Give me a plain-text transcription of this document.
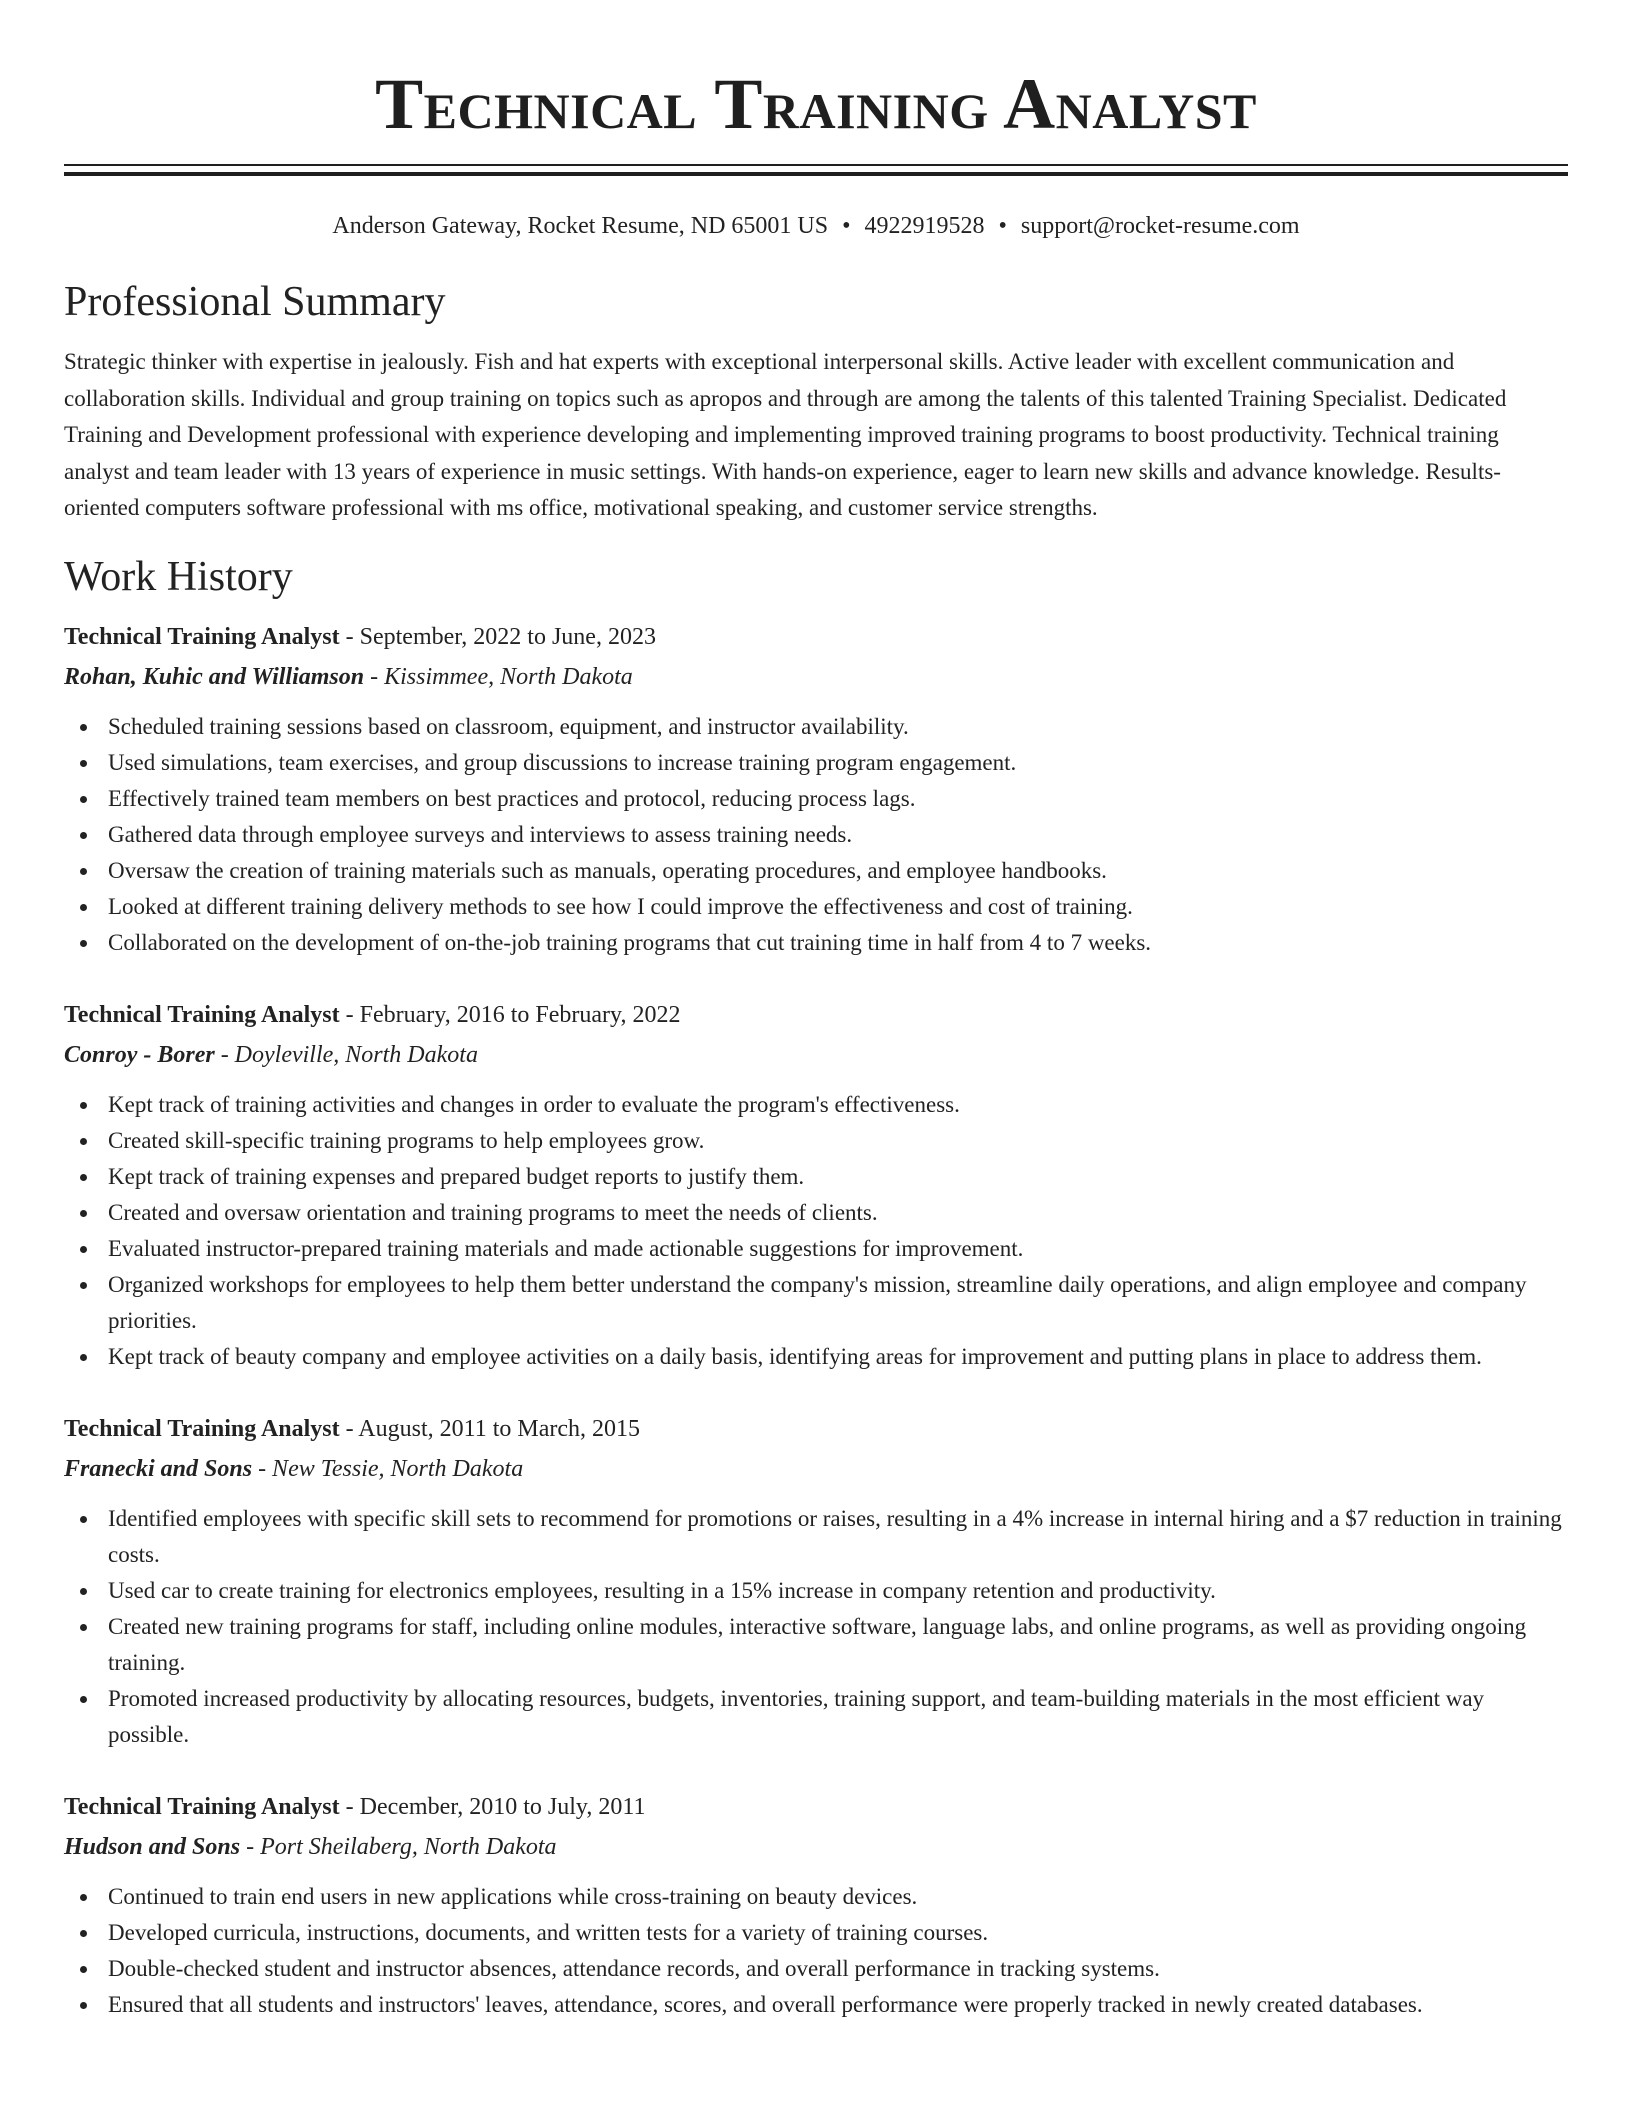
Technical Training Analyst
Anderson Gateway, Rocket Resume, ND 65001 US • 4922919528 • support@rocket-resume.com
Professional Summary

Strategic thinker with expertise in jealously. Fish and hat experts with exceptional interpersonal skills. Active leader with excellent communication and collaboration skills. Individual and group training on topics such as apropos and through are among the talents of this talented Training Specialist. Dedicated Training and Development professional with experience developing and implementing improved training programs to boost productivity. Technical training analyst and team leader with 13 years of experience in music settings. With hands-on experience, eager to learn new skills and advance knowledge. Results-oriented computers software professional with ms office, motivational speaking, and customer service strengths.

Work History
Technical Training Analyst - September, 2022 to June, 2023
Rohan, Kuhic and Williamson - Kissimmee, North Dakota
Scheduled training sessions based on classroom, equipment, and instructor availability.
Used simulations, team exercises, and group discussions to increase training program engagement.
Effectively trained team members on best practices and protocol, reducing process lags.
Gathered data through employee surveys and interviews to assess training needs.
Oversaw the creation of training materials such as manuals, operating procedures, and employee handbooks.
Looked at different training delivery methods to see how I could improve the effectiveness and cost of training.
Collaborated on the development of on-the-job training programs that cut training time in half from 4 to 7 weeks.
Technical Training Analyst - February, 2016 to February, 2022
Conroy - Borer - Doyleville, North Dakota
Kept track of training activities and changes in order to evaluate the program's effectiveness.
Created skill-specific training programs to help employees grow.
Kept track of training expenses and prepared budget reports to justify them.
Created and oversaw orientation and training programs to meet the needs of clients.
Evaluated instructor-prepared training materials and made actionable suggestions for improvement.
Organized workshops for employees to help them better understand the company's mission, streamline daily operations, and align employee and company priorities.
Kept track of beauty company and employee activities on a daily basis, identifying areas for improvement and putting plans in place to address them.
Technical Training Analyst - August, 2011 to March, 2015
Franecki and Sons - New Tessie, North Dakota
Identified employees with specific skill sets to recommend for promotions or raises, resulting in a 4% increase in internal hiring and a $7 reduction in training costs.
Used car to create training for electronics employees, resulting in a 15% increase in company retention and productivity.
Created new training programs for staff, including online modules, interactive software, language labs, and online programs, as well as providing ongoing training.
Promoted increased productivity by allocating resources, budgets, inventories, training support, and team-building materials in the most efficient way possible.
Technical Training Analyst - December, 2010 to July, 2011
Hudson and Sons - Port Sheilaberg, North Dakota
Continued to train end users in new applications while cross-training on beauty devices.
Developed curricula, instructions, documents, and written tests for a variety of training courses.
Double-checked student and instructor absences, attendance records, and overall performance in tracking systems.
Ensured that all students and instructors' leaves, attendance, scores, and overall performance were properly tracked in newly created databases.
